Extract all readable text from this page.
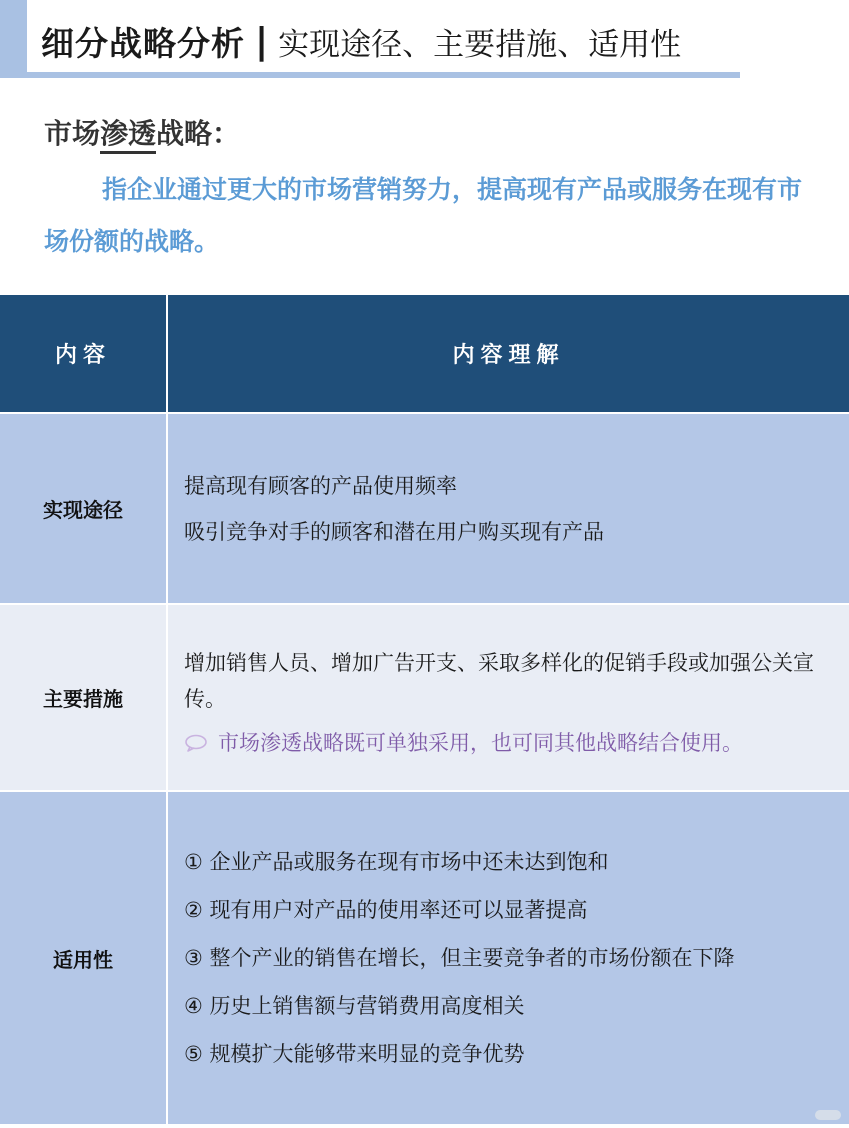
细分战略分析 | 实现途径、主要措施、适用性
市场渗透战略：
指企业通过更大的市场营销努力，提高现有产品或服务在现有市场份额的战略。
内容	内容理解
实现途径
提高现有顾客的产品使用频率
吸引竞争对手的顾客和潜在用户购买现有产品
主要措施
增加销售人员、增加广告开支、采取多样化的促销手段或加强公关宣传。
市场渗透战略既可单独采用，也可同其他战略结合使用。
适用性
① 企业产品或服务在现有市场中还未达到饱和
② 现有用户对产品的使用率还可以显著提高
③ 整个产业的销售在增长，但主要竞争者的市场份额在下降
④ 历史上销售额与营销费用高度相关
⑤ 规模扩大能够带来明显的竞争优势
